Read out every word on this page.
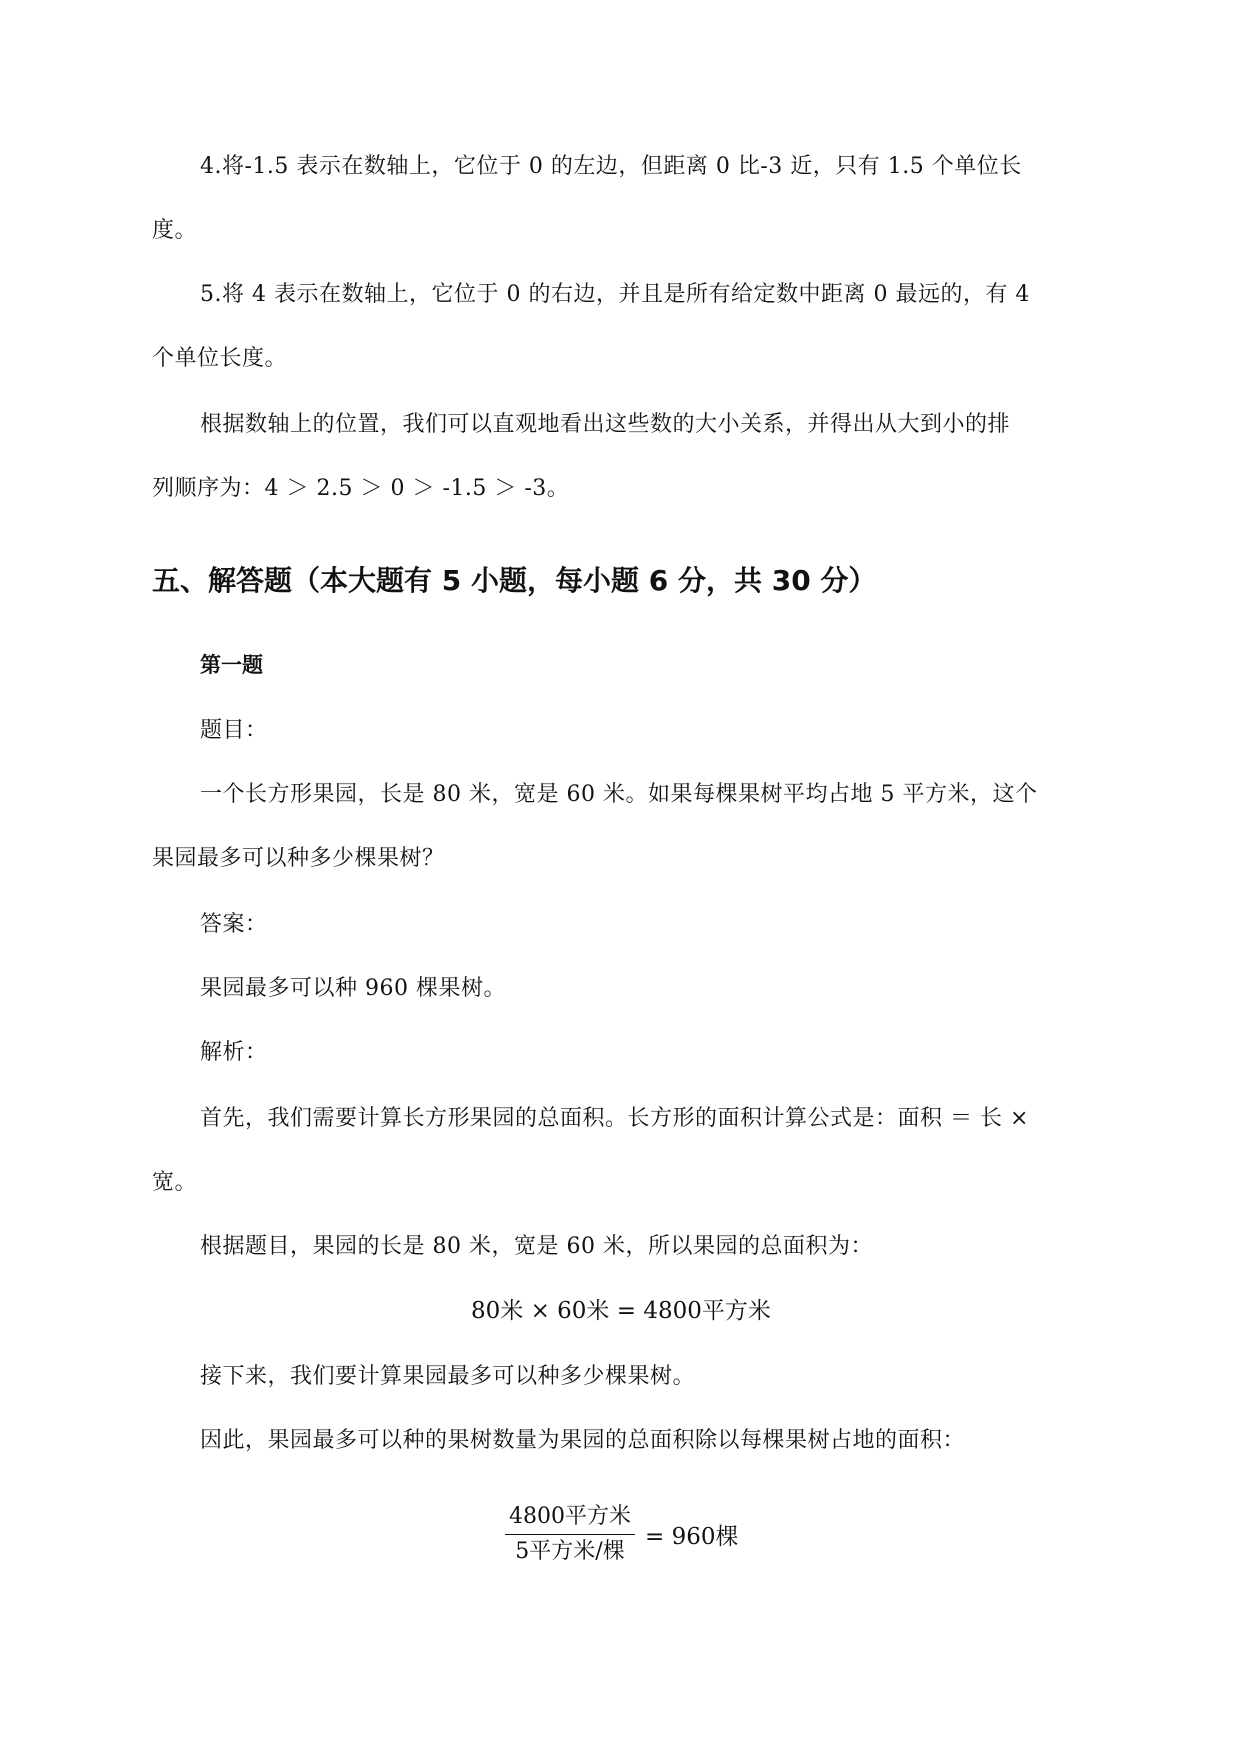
4.将-1.5 表示在数轴上，它位于 0 的左边，但距离 0 比-3 近，只有 1.5 个单位长
度。
5.将 4 表示在数轴上，它位于 0 的右边，并且是所有给定数中距离 0 最远的，有 4
个单位长度。
根据数轴上的位置，我们可以直观地看出这些数的大小关系，并得出从大到小的排
列顺序为：4 ＞ 2.5 ＞ 0 ＞ -1.5 ＞ -3。
五、解答题（本大题有 5 小题，每小题 6 分，共 30 分）
第一题
题目：
一个长方形果园，长是 80 米，宽是 60 米。如果每棵果树平均占地 5 平方米，这个
果园最多可以种多少棵果树？
答案：
果园最多可以种 960 棵果树。
解析：
首先，我们需要计算长方形果园的总面积。长方形的面积计算公式是：面积 ＝ 长 ×
宽。
根据题目，果园的长是 80 米，宽是 60 米，所以果园的总面积为：
80米 × 60米 = 4800平方米
接下来，我们要计算果园最多可以种多少棵果树。
因此，果园最多可以种的果树数量为果园的总面积除以每棵果树占地的面积：
$\frac{\text{4800平方米}}{\text{5平方米/棵}} = 960$棵
